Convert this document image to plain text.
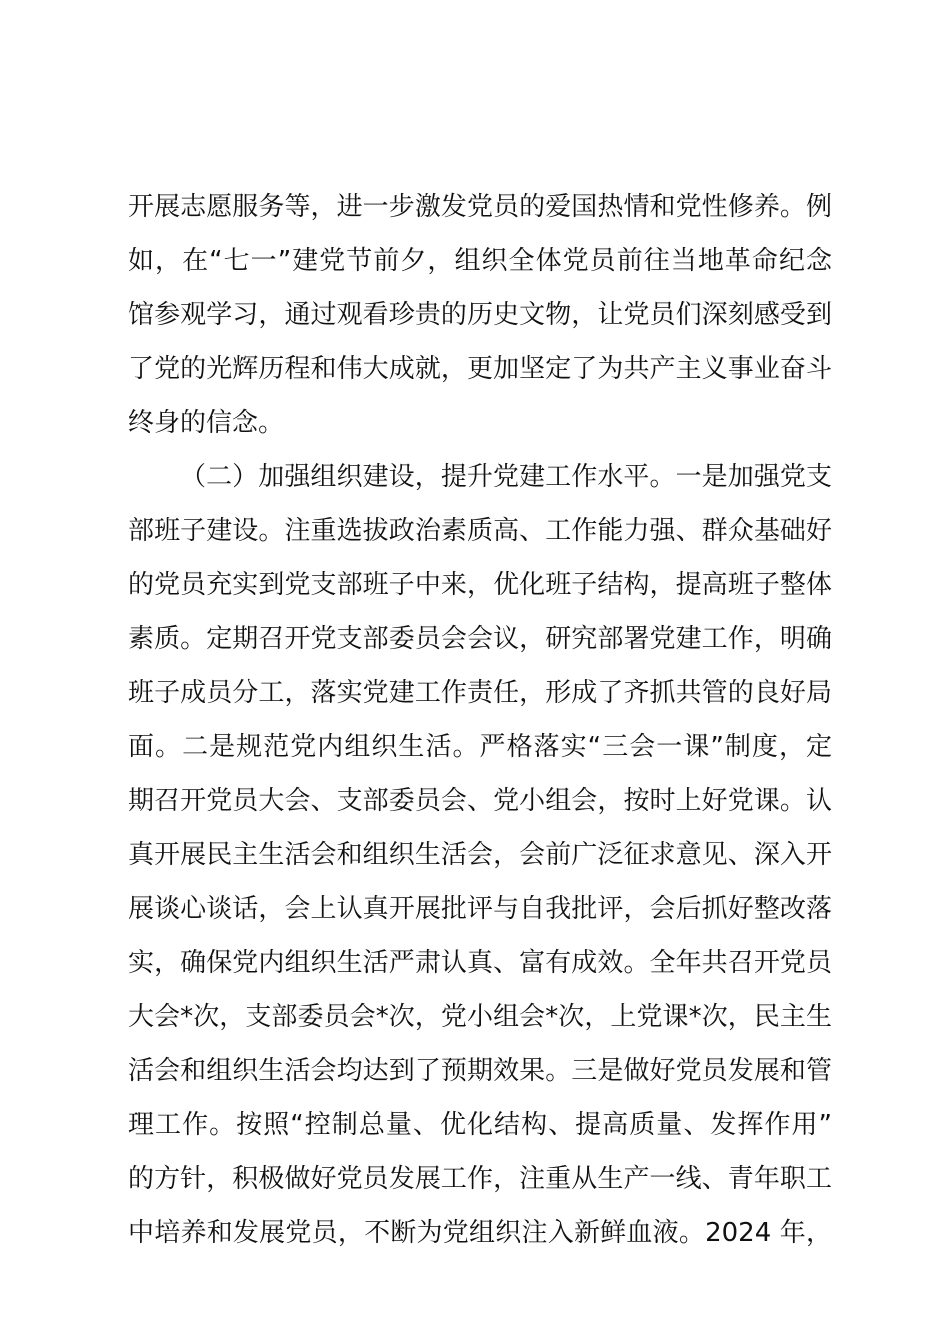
开展志愿服务等，进一步激发党员的爱国热情和党性修养。例
如，在“七一”建党节前夕，组织全体党员前往当地革命纪念
馆参观学习，通过观看珍贵的历史文物，让党员们深刻感受到
了党的光辉历程和伟大成就，更加坚定了为共产主义事业奋斗
终身的信念。
（二）加强组织建设，提升党建工作水平。一是加强党支
部班子建设。注重选拔政治素质高、工作能力强、群众基础好
的党员充实到党支部班子中来，优化班子结构，提高班子整体
素质。定期召开党支部委员会会议，研究部署党建工作，明确
班子成员分工，落实党建工作责任，形成了齐抓共管的良好局
面。二是规范党内组织生活。严格落实“三会一课”制度，定
期召开党员大会、支部委员会、党小组会，按时上好党课。认
真开展民主生活会和组织生活会，会前广泛征求意见、深入开
展谈心谈话，会上认真开展批评与自我批评，会后抓好整改落
实，确保党内组织生活严肃认真、富有成效。全年共召开党员
大会*次，支部委员会*次，党小组会*次，上党课*次，民主生
活会和组织生活会均达到了预期效果。三是做好党员发展和管
理工作。按照“控制总量、优化结构、提高质量、发挥作用”
的方针，积极做好党员发展工作，注重从生产一线、青年职工
中培养和发展党员，不断为党组织注入新鲜血液。2024 年，
